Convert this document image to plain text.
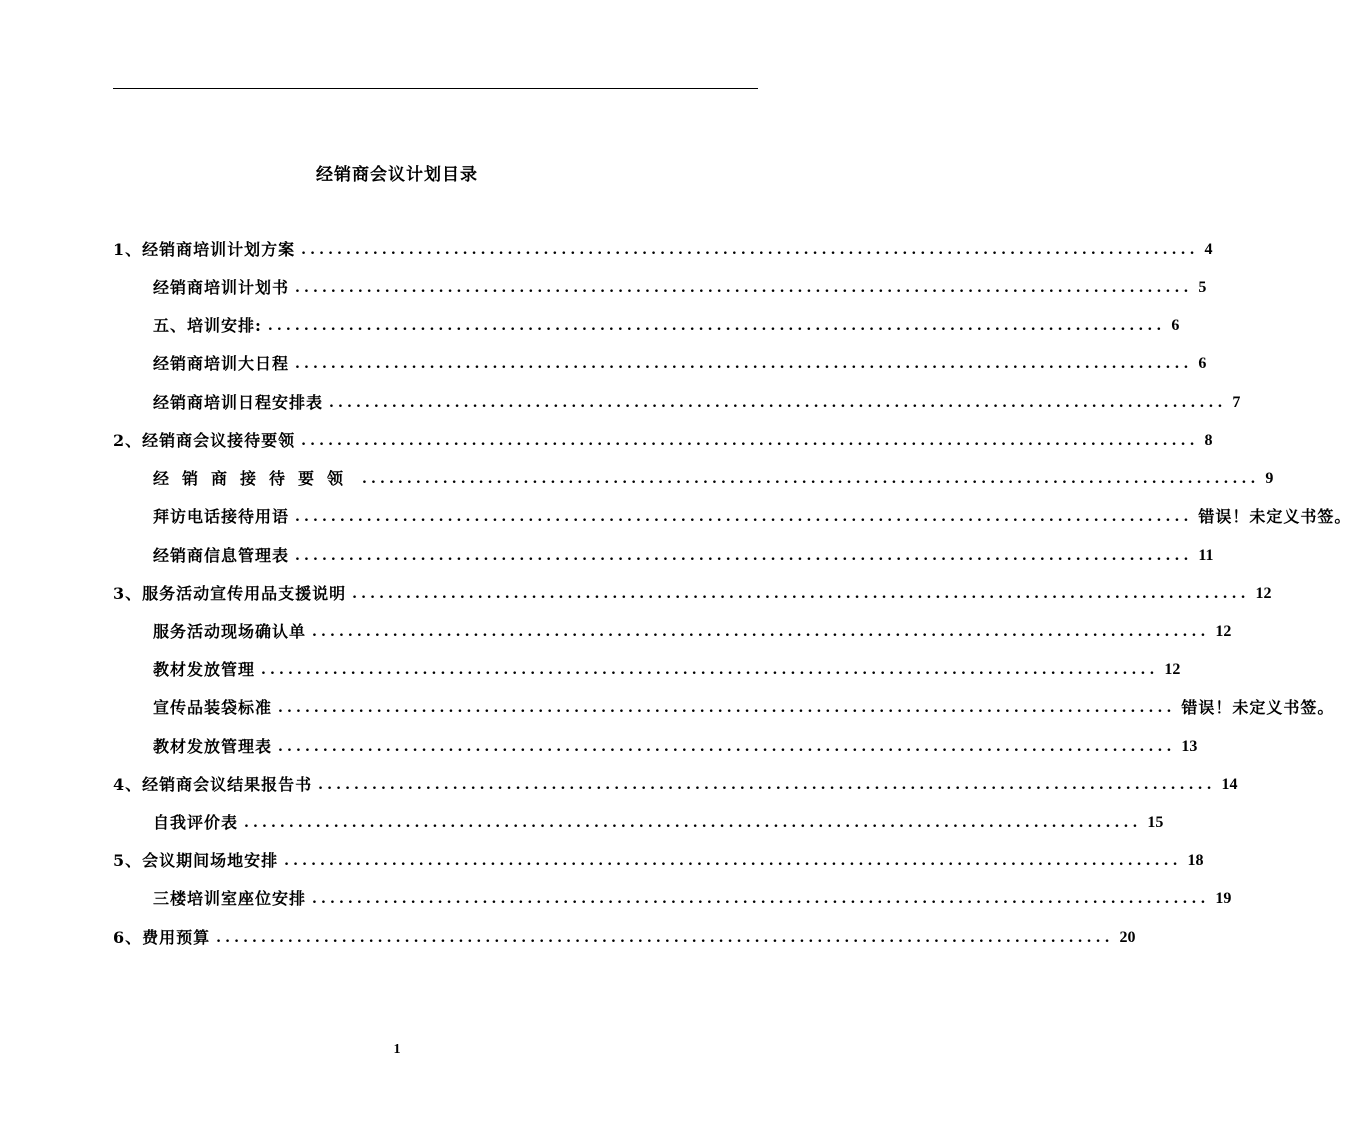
经销商会议计划目录
1、经销商培训计划方案 .................................................................................................... 4
经销商培训计划书 .................................................................................................... 5
五、培训安排: .................................................................................................... 6
经销商培训大日程 .................................................................................................... 6
经销商培训日程安排表 .................................................................................................... 7
2、经销商会议接待要领 .................................................................................................... 8
经销商接待要领 .................................................................................................... 9
拜访电话接待用语 .................................................................................................... 错误！未定义书签。
经销商信息管理表 .................................................................................................... 11
3、服务活动宣传用品支援说明 .................................................................................................... 12
服务活动现场确认单 .................................................................................................... 12
教材发放管理 .................................................................................................... 12
宣传品装袋标准 .................................................................................................... 错误！未定义书签。
教材发放管理表 .................................................................................................... 13
4、经销商会议结果报告书 .................................................................................................... 14
自我评价表 .................................................................................................... 15
5、会议期间场地安排 .................................................................................................... 18
三楼培训室座位安排 .................................................................................................... 19
6、费用预算 .................................................................................................... 20
1
